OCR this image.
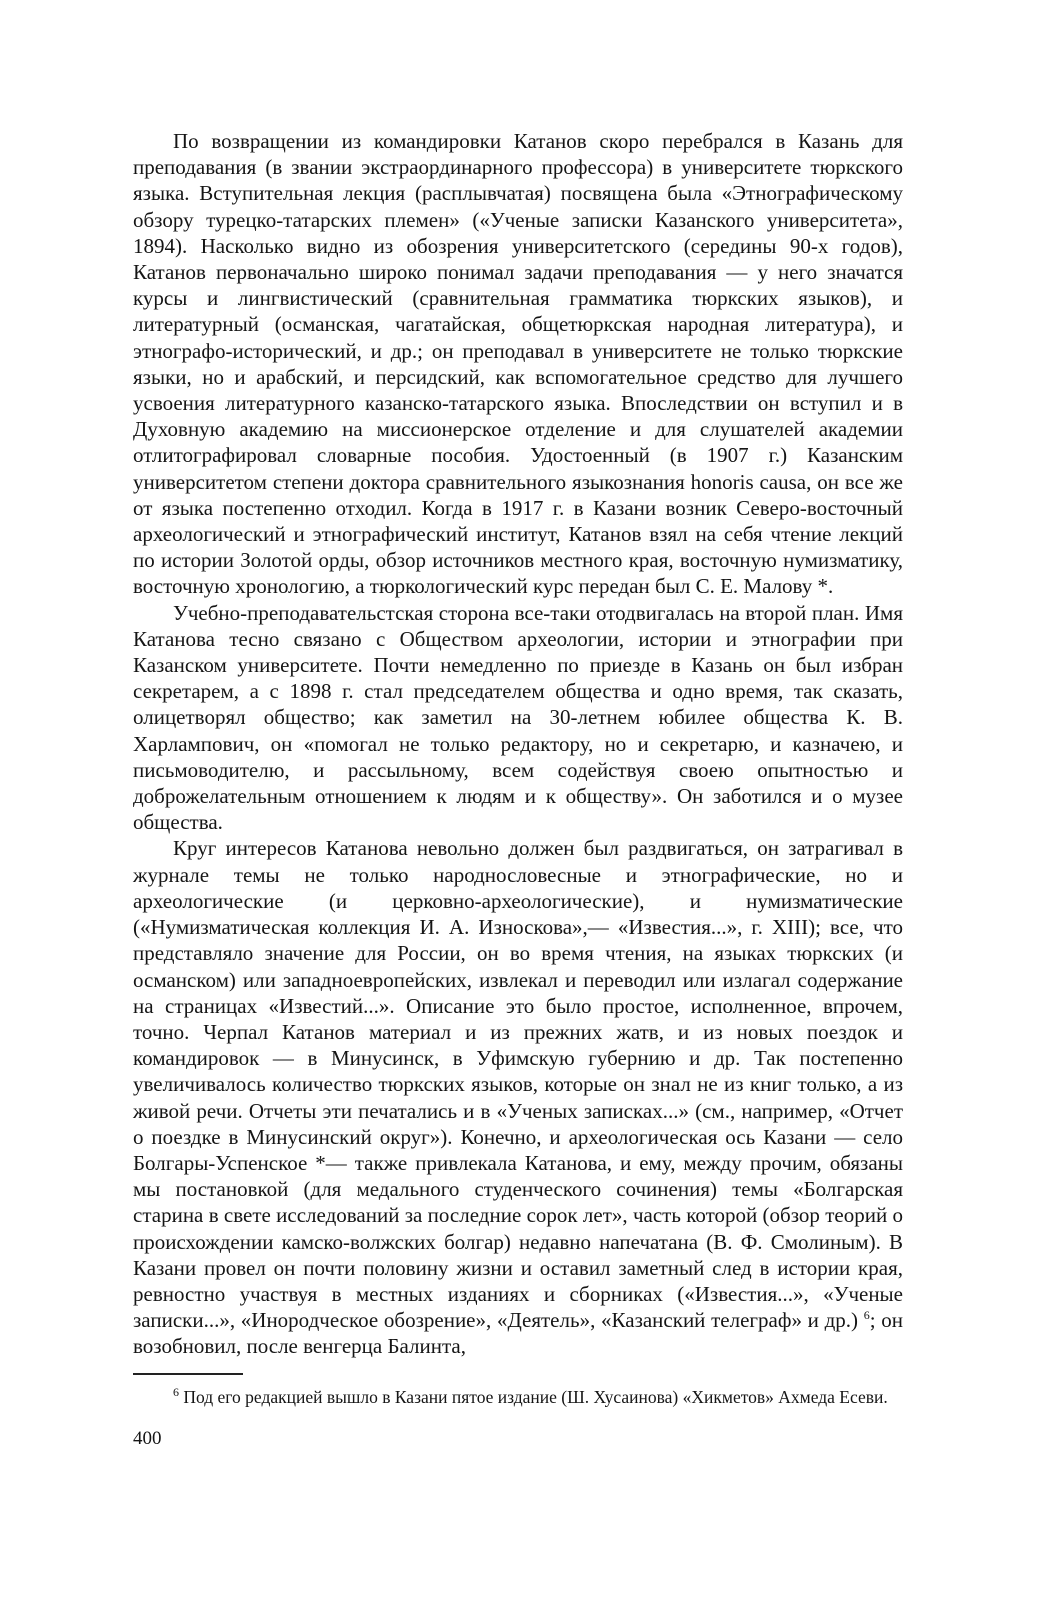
По возвращении из командировки Катанов скоро перебрался в Казань для преподавания (в звании экстраординарного профессора) в университете тюркского языка. Вступительная лекция (расплывчатая) посвящена была «Этнографическому обзору турецко-татарских племен» («Ученые записки Казанского университета», 1894). Насколько видно из обозрения университетского (середины 90-х годов), Катанов первоначально широко понимал задачи преподавания — у него значатся курсы и лингвистический (сравнительная грамматика тюркских языков), и литературный (османская, чагатайская, общетюркская народная литература), и этнографо-исторический, и др.; он преподавал в университете не только тюркские языки, но и арабский, и персидский, как вспомогательное средство для лучшего усвоения литературного казанско-татарского языка. Впоследствии он вступил и в Духовную академию на миссионерское отделение и для слушателей академии отлитографировал словарные пособия. Удостоенный (в 1907 г.) Казанским университетом степени доктора сравнительного языкознания honoris causa, он все же от языка постепенно отходил. Когда в 1917 г. в Казани возник Северо-восточный археологический и этнографический институт, Катанов взял на себя чтение лекций по истории Золотой орды, обзор источников местного края, восточную нумизматику, восточную хронологию, а тюркологический курс передан был С. Е. Малову *.

Учебно-преподавательстская сторона все-таки отодвигалась на второй план. Имя Катанова тесно связано с Обществом археологии, истории и этнографии при Казанском университете. Почти немедленно по приезде в Казань он был избран секретарем, а с 1898 г. стал председателем общества и одно время, так сказать, олицетворял общество; как заметил на 30-летнем юбилее общества К. В. Харлампович, он «помогал не только редактору, но и секретарю, и казначею, и письмоводителю, и рассыльному, всем содействуя своею опытностью и доброжелательным отношением к людям и к обществу». Он заботился и о музее общества.

Круг интересов Катанова невольно должен был раздвигаться, он затрагивал в журнале темы не только народнословесные и этнографические, но и археологические (и церковно-археологические), и нумизматические («Нумизматическая коллекция И. А. Износкова»,— «Известия...», г. XIII); все, что представляло значение для России, он во время чтения, на языках тюркских (и османском) или западноевропейских, извлекал и переводил или излагал содержание на страницах «Известий...». Описание это было простое, исполненное, впрочем, точно. Черпал Катанов материал и из прежних жатв, и из новых поездок и командировок — в Минусинск, в Уфимскую губернию и др. Так постепенно увеличивалось количество тюркских языков, которые он знал не из книг только, а из живой речи. Отчеты эти печатались и в «Ученых записках...» (см., например, «Отчет о поездке в Минусинский округ»). Конечно, и археологическая ось Казани — село Болгары-Успенское *— также привлекала Катанова, и ему, между прочим, обязаны мы постановкой (для медального студенческого сочинения) темы «Болгарская старина в свете исследований за последние сорок лет», часть которой (обзор теорий о происхождении камско-волжских болгар) недавно напечатана (В. Ф. Смолиным). В Казани провел он почти половину жизни и оставил заметный след в истории края, ревностно участвуя в местных изданиях и сборниках («Известия...», «Ученые записки...», «Инородческое обозрение», «Деятель», «Казанский телеграф» и др.) $^6$; он возобновил, после венгерца Балинта,

$^6$ Под его редакцией вышло в Казани пятое издание (Ш. Хусаинова) «Хикметов» Ахмеда Есеви.

400
